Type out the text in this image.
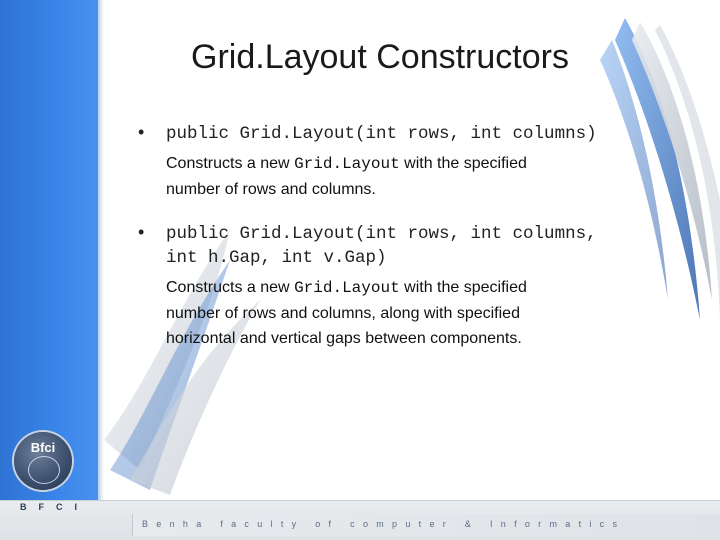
Grid.Layout Constructors
• public Grid.Layout(int rows, int columns)
Constructs a new Grid.Layout with the specified
number of rows and columns.
• public Grid.Layout(int rows, int columns,
int h.Gap, int v.Gap)
Constructs a new Grid.Layout with the specified
number of rows and columns, along with specified
horizontal and vertical gaps between components.
Bfci
BFCI
Benha faculty of computer & Informatics
